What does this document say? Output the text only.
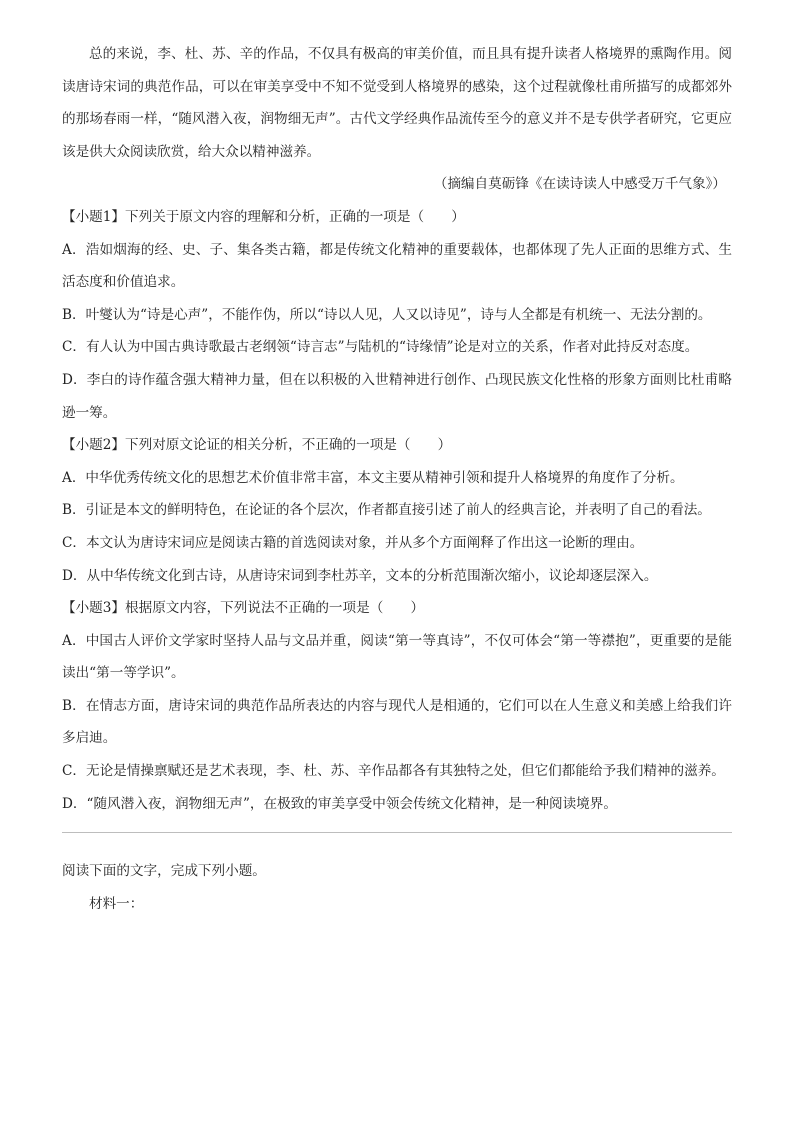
总的来说，李、杜、苏、辛的作品，不仅具有极高的审美价值，而且具有提升读者人格境界的熏陶作用。阅读唐诗宋词的典范作品，可以在审美享受中不知不觉受到人格境界的感染，这个过程就像杜甫所描写的成都郊外的那场春雨一样，“随风潜入夜，润物细无声”。古代文学经典作品流传至今的意义并不是专供学者研究，它更应该是供大众阅读欣赏，给大众以精神滋养。

（摘编自莫砺锋《在读诗读人中感受万千气象》）

【小题1】下列关于原文内容的理解和分析，正确的一项是（　　）

A．浩如烟海的经、史、子、集各类古籍，都是传统文化精神的重要载体，也都体现了先人正面的思维方式、生活态度和价值追求。

B．叶燮认为“诗是心声”，不能作伪，所以“诗以人见，人又以诗见”，诗与人全都是有机统一、无法分割的。

C．有人认为中国古典诗歌最古老纲领“诗言志”与陆机的“诗缘情”论是对立的关系，作者对此持反对态度。

D．李白的诗作蕴含强大精神力量，但在以积极的入世精神进行创作、凸现民族文化性格的形象方面则比杜甫略逊一筹。

【小题2】下列对原文论证的相关分析，不正确的一项是（　　）

A．中华优秀传统文化的思想艺术价值非常丰富，本文主要从精神引领和提升人格境界的角度作了分析。

B．引证是本文的鲜明特色，在论证的各个层次，作者都直接引述了前人的经典言论，并表明了自己的看法。

C．本文认为唐诗宋词应是阅读古籍的首选阅读对象，并从多个方面阐释了作出这一论断的理由。

D．从中华传统文化到古诗，从唐诗宋词到李杜苏辛，文本的分析范围渐次缩小，议论却逐层深入。

【小题3】根据原文内容，下列说法不正确的一项是（　　）

A．中国古人评价文学家时坚持人品与文品并重，阅读“第一等真诗”，不仅可体会“第一等襟抱”，更重要的是能读出“第一等学识”。

B．在情志方面，唐诗宋词的典范作品所表达的内容与现代人是相通的，它们可以在人生意义和美感上给我们许多启迪。

C．无论是情操禀赋还是艺术表现，李、杜、苏、辛作品都各有其独特之处，但它们都能给予我们精神的滋养。

D．“随风潜入夜，润物细无声”，在极致的审美享受中领会传统文化精神，是一种阅读境界。

阅读下面的文字，完成下列小题。

材料一：
